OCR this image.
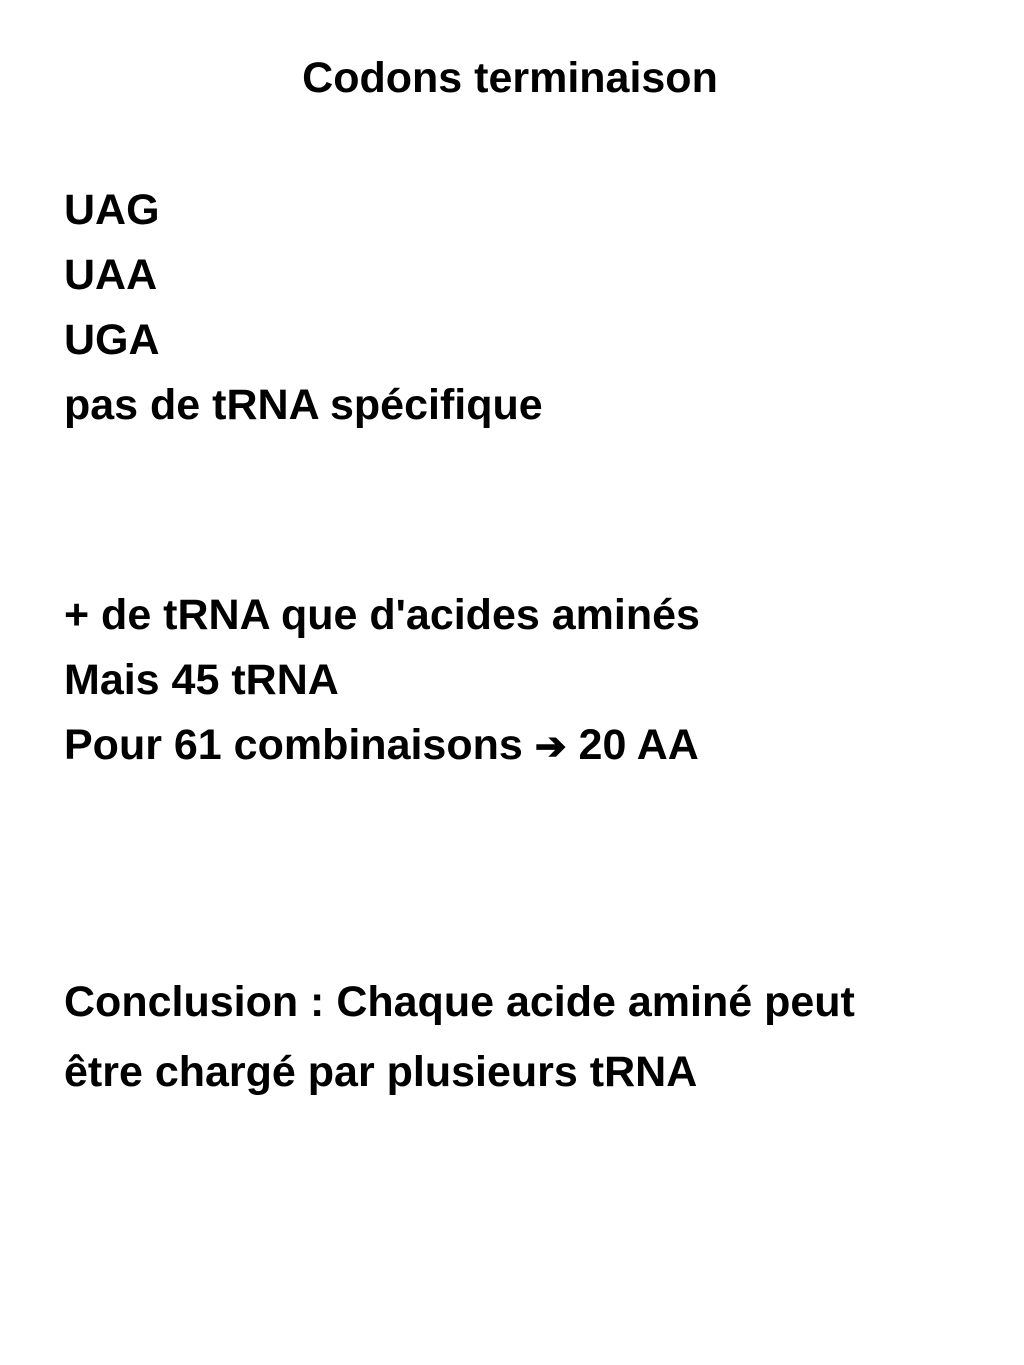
Codons terminaison
UAG
UAA
UGA
pas de tRNA spécifique
+ de tRNA que d'acides aminés
Mais 45 tRNA
Pour 61 combinaisons ➔ 20 AA
Conclusion : Chaque acide aminé peut
être chargé par plusieurs tRNA
